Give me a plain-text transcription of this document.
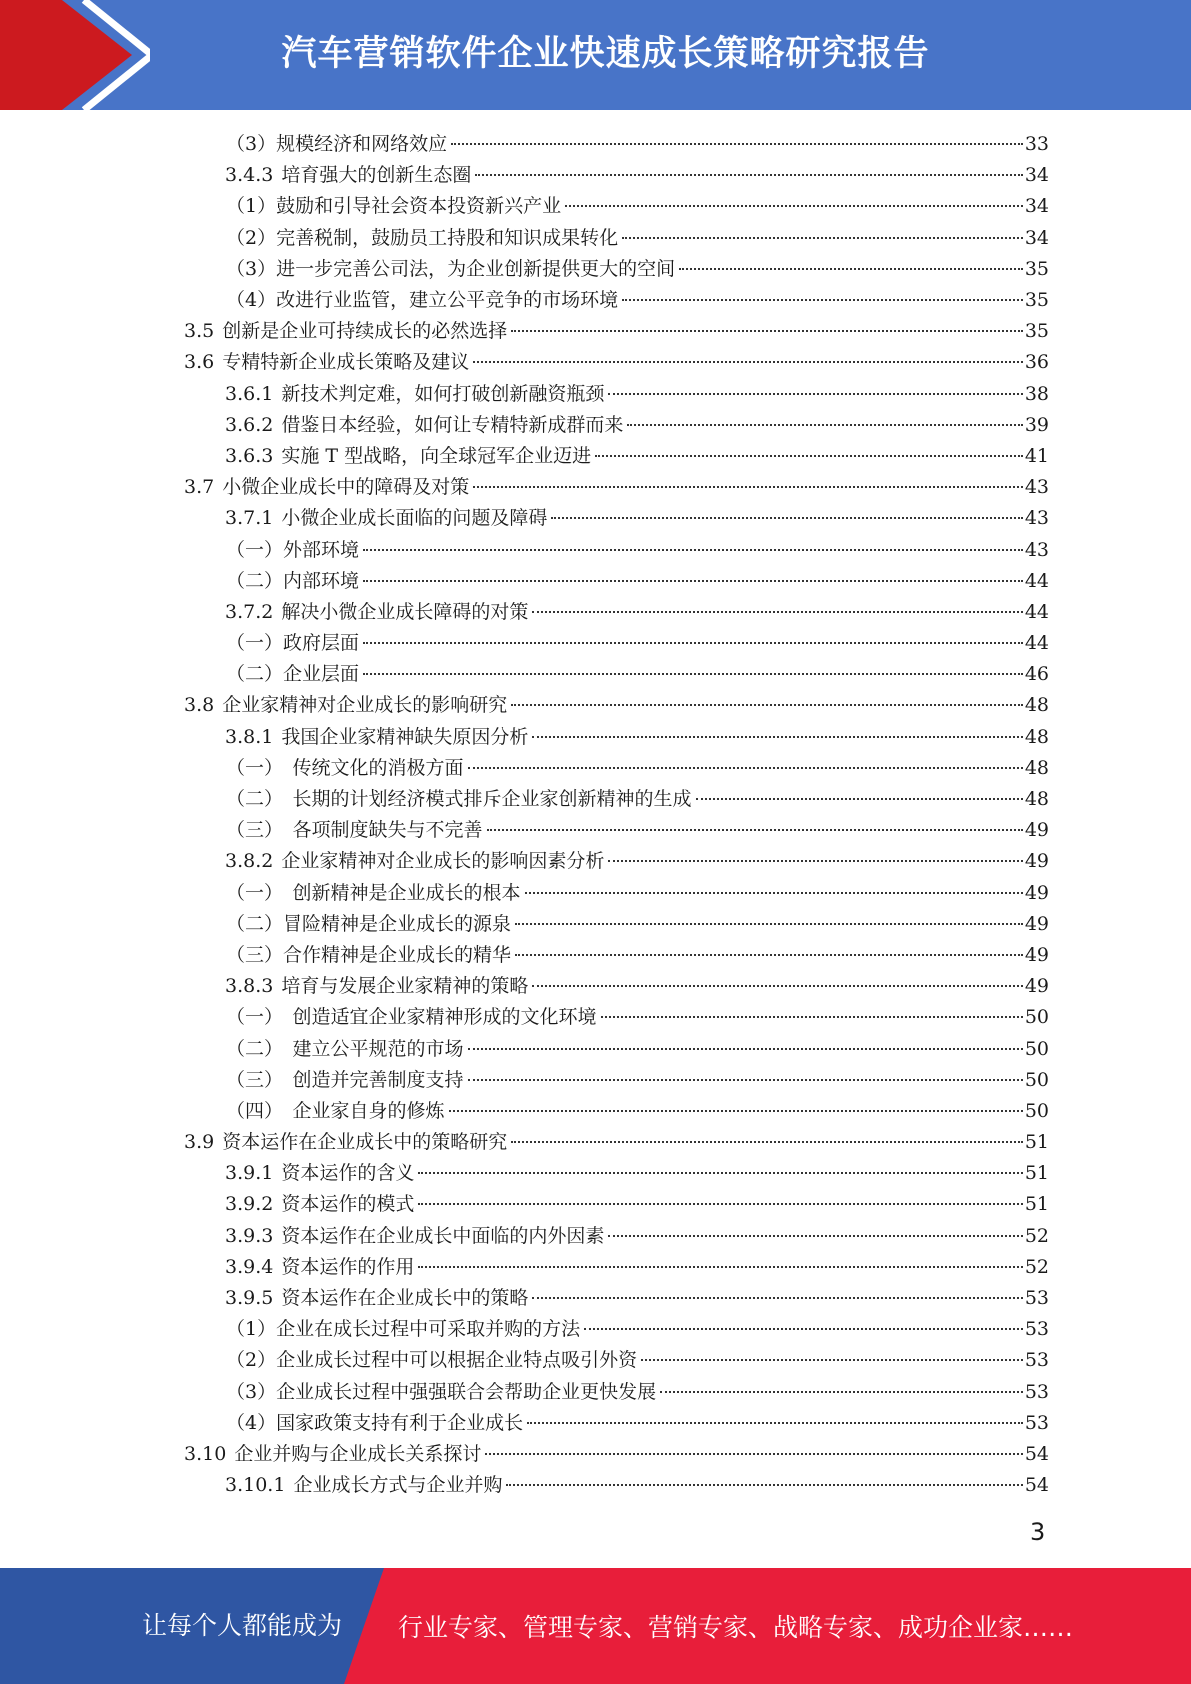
汽车营销软件企业快速成长策略研究报告
（3）规模经济和网络效应	33
3.4.3 培育强大的创新生态圈	34
（1）鼓励和引导社会资本投资新兴产业	34
（2）完善税制，鼓励员工持股和知识成果转化	34
（3）进一步完善公司法，为企业创新提供更大的空间	35
（4）改进行业监管，建立公平竞争的市场环境	35
3.5 创新是企业可持续成长的必然选择	35
3.6 专精特新企业成长策略及建议	36
3.6.1 新技术判定难，如何打破创新融资瓶颈	38
3.6.2 借鉴日本经验，如何让专精特新成群而来	39
3.6.3 实施 T 型战略，向全球冠军企业迈进	41
3.7 小微企业成长中的障碍及对策	43
3.7.1 小微企业成长面临的问题及障碍	43
（一）外部环境	43
（二）内部环境	44
3.7.2 解决小微企业成长障碍的对策	44
（一）政府层面	44
（二）企业层面	46
3.8 企业家精神对企业成长的影响研究	48
3.8.1 我国企业家精神缺失原因分析	48
（一）　传统文化的消极方面	48
（二）　长期的计划经济模式排斥企业家创新精神的生成	48
（三）　各项制度缺失与不完善	49
3.8.2 企业家精神对企业成长的影响因素分析	49
（一）　创新精神是企业成长的根本	49
（二）冒险精神是企业成长的源泉	49
（三）合作精神是企业成长的精华	49
3.8.3 培育与发展企业家精神的策略	49
（一）　创造适宜企业家精神形成的文化环境	50
（二）　建立公平规范的市场	50
（三）　创造并完善制度支持	50
（四）　企业家自身的修炼	50
3.9 资本运作在企业成长中的策略研究	51
3.9.1 资本运作的含义	51
3.9.2 资本运作的模式	51
3.9.3 资本运作在企业成长中面临的内外因素	52
3.9.4 资本运作的作用	52
3.9.5 资本运作在企业成长中的策略	53
（1）企业在成长过程中可采取并购的方法	53
（2）企业成长过程中可以根据企业特点吸引外资	53
（3）企业成长过程中强强联合会帮助企业更快发展	53
（4）国家政策支持有利于企业成长	53
3.10 企业并购与企业成长关系探讨	54
3.10.1 企业成长方式与企业并购	54
3
让每个人都能成为 行业专家、管理专家、营销专家、战略专家、成功企业家……
